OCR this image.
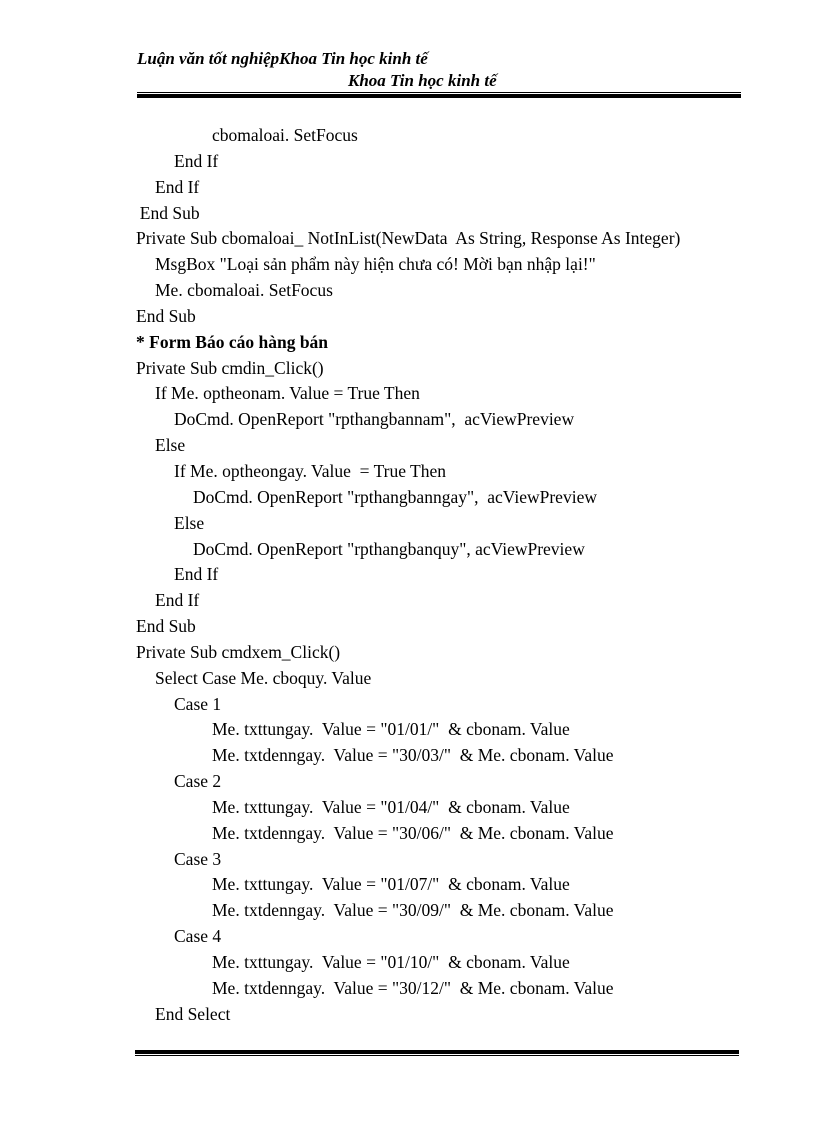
Luận văn tốt nghiệpKhoa Tin học kinh tế
Khoa Tin học kinh tế
cbomaloai. SetFocus
End If
End If
End Sub
Private Sub cbomaloai_ NotInList(NewData  As String, Response As Integer)
MsgBox "Loại sản phẩm này hiện chưa có! Mời bạn nhập lại!"
Me. cbomaloai. SetFocus
End Sub
* Form Báo cáo hàng bán
Private Sub cmdin_Click()
If Me. optheonam. Value = True Then
DoCmd. OpenReport "rpthangbannam",  acViewPreview
Else
If Me. optheongay. Value  = True Then
DoCmd. OpenReport "rpthangbanngay",  acViewPreview
Else
DoCmd. OpenReport "rpthangbanquy", acViewPreview
End If
End If
End Sub
Private Sub cmdxem_Click()
Select Case Me. cboquy. Value
Case 1
Me. txttungay.  Value = "01/01/"  & cbonam. Value
Me. txtdenngay.  Value = "30/03/"  & Me. cbonam. Value
Case 2
Me. txttungay.  Value = "01/04/"  & cbonam. Value
Me. txtdenngay.  Value = "30/06/"  & Me. cbonam. Value
Case 3
Me. txttungay.  Value = "01/07/"  & cbonam. Value
Me. txtdenngay.  Value = "30/09/"  & Me. cbonam. Value
Case 4
Me. txttungay.  Value = "01/10/"  & cbonam. Value
Me. txtdenngay.  Value = "30/12/"  & Me. cbonam. Value
End Select
